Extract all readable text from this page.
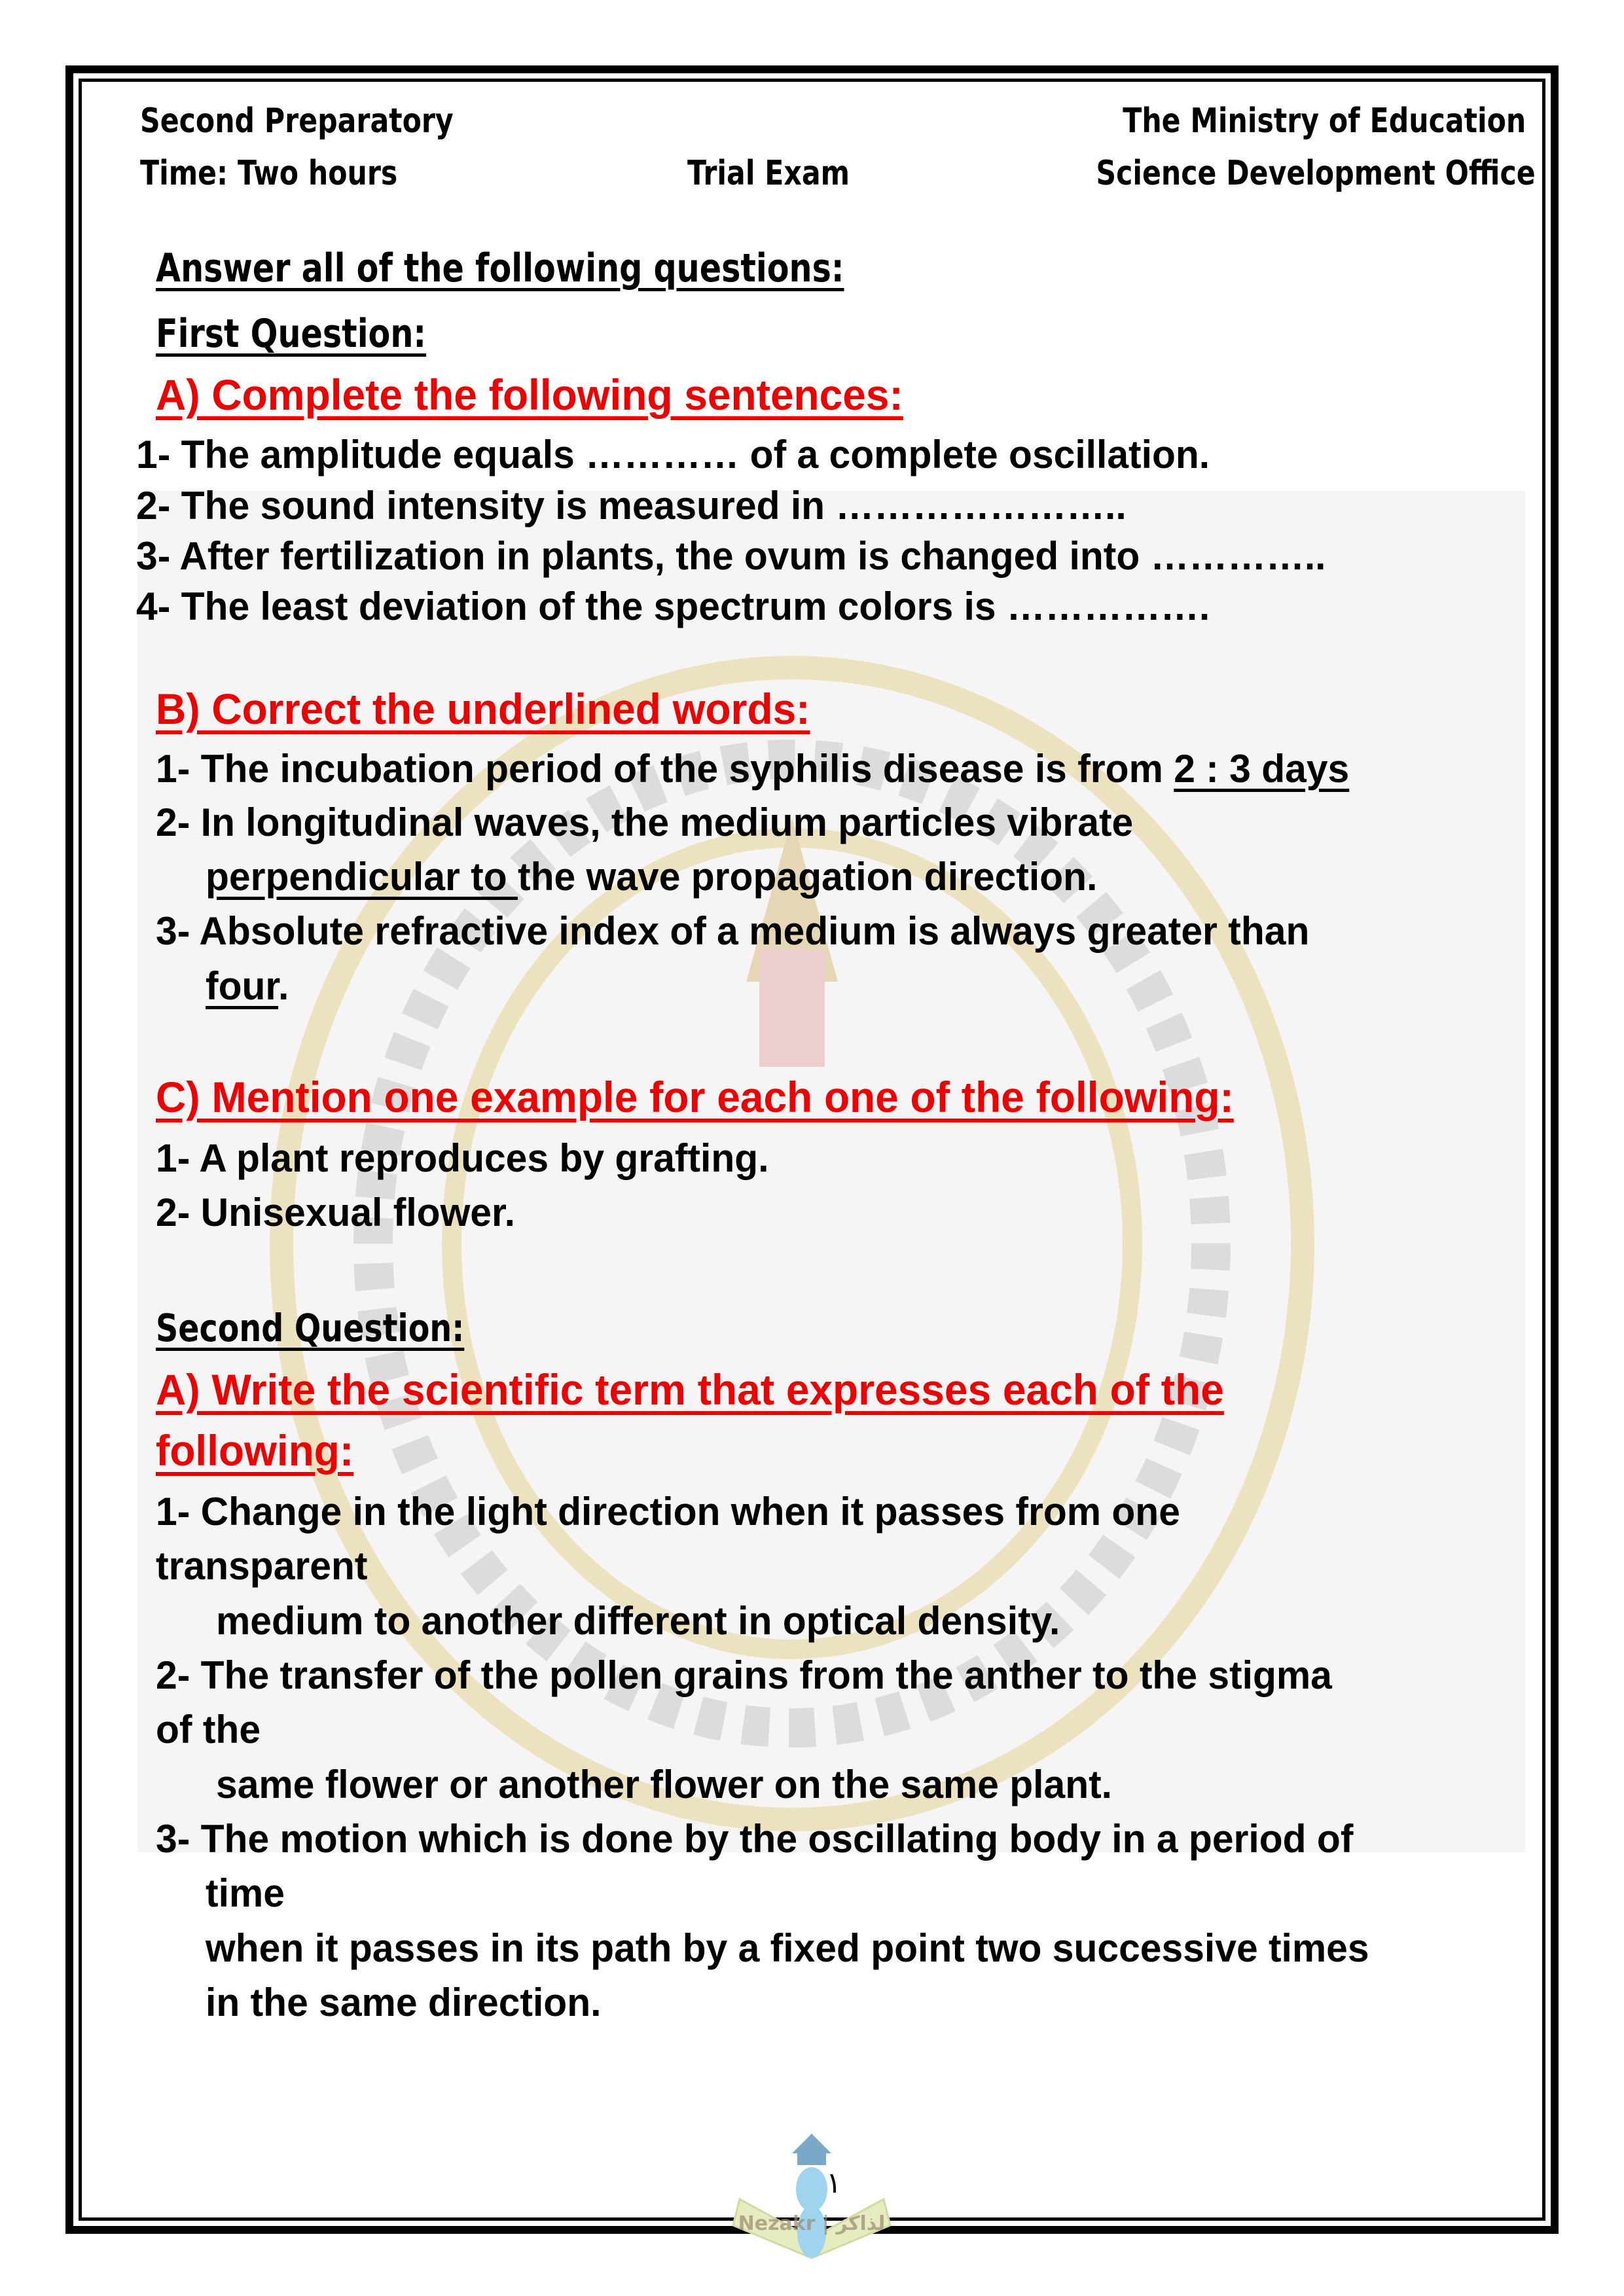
Second Preparatory
Time: Two hours	Trial Exam
The Ministry of Education
Science Development Office
Answer all of the following questions:
First Question:
A) Complete the following sentences:
1- The amplitude equals ………… of a complete oscillation.
2- The sound intensity is measured in …………………..
3- After fertilization in plants, the ovum is changed into …………..
4- The least deviation of the spectrum colors is …………….
B) Correct the underlined words:
1- The incubation period of the syphilis disease is from 2 : 3 days
2- In longitudinal waves, the medium particles vibrate
perpendicular to the wave propagation direction.
3- Absolute refractive index of a medium is always greater than
four.
C) Mention one example for each one of the following:
1- A plant reproduces by grafting.
2- Unisexual flower.
Second Question:
A) Write the scientific term that expresses each of the
following:
1- Change in the light direction when it passes from one
transparent
medium to another different in optical density.
2- The transfer of the pollen grains from the anther to the stigma
of the
same flower or another flower on the same plant.
3- The motion which is done by the oscillating body in a period of
time
when it passes in its path by a fixed point two successive times
in the same direction.
١
Nezakr | لذاكر
